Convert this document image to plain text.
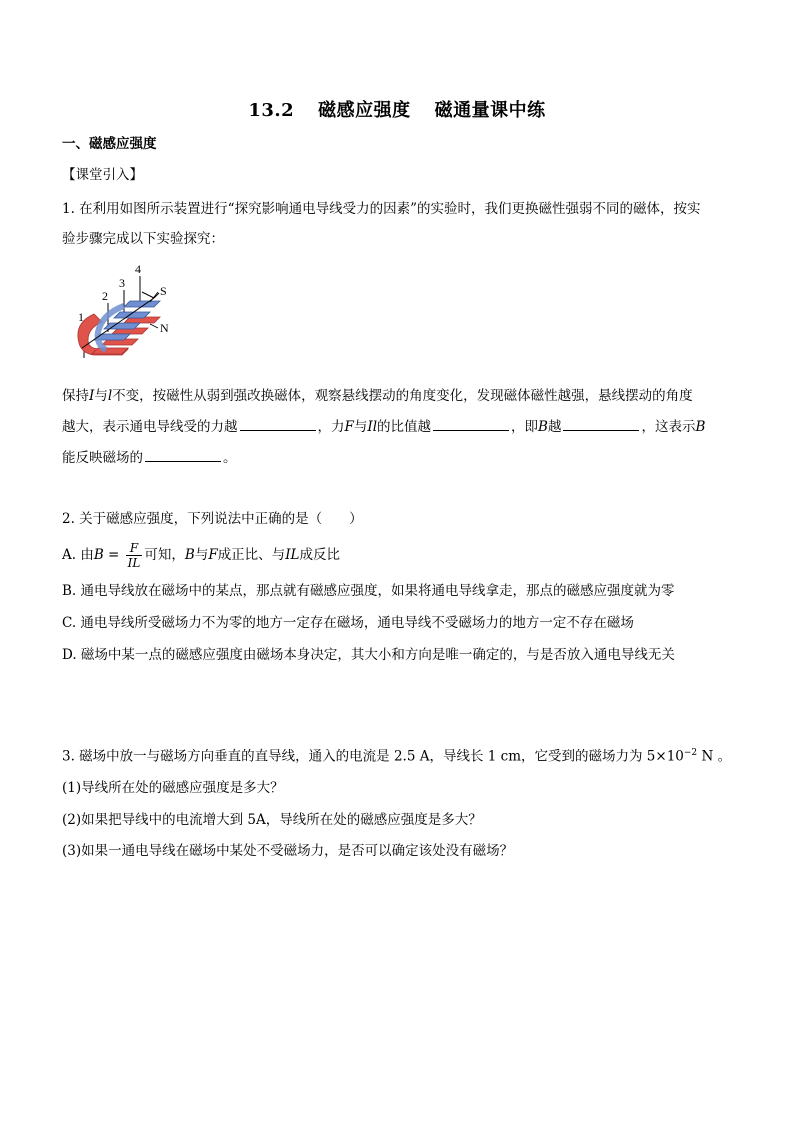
13.2 磁感应强度 磁通量课中练
一、磁感应强度
【课堂引入】
1. 在利用如图所示装置进行“探究影响通电导线受力的因素”的实验时，我们更换磁性强弱不同的磁体，按实
验步骤完成以下实验探究：
4
3
2
1
S
N
保持I与l不变，按磁性从弱到强改换磁体，观察悬线摆动的角度变化，发现磁体磁性越强，悬线摆动的角度
越大，表示通电导线受的力越	，力F与Il的比值越	，即B越	，这表示B
能反映磁场的	。
2. 关于磁感应强度，下列说法中正确的是（　　）
A. 由$B = \frac{F}{IL}$ 可知，B与F成正比、与IL成反比
B. 通电导线放在磁场中的某点，那点就有磁感应强度，如果将通电导线拿走，那点的磁感应强度就为零
C. 通电导线所受磁场力不为零的地方一定存在磁场，通电导线不受磁场力的地方一定不存在磁场
D. 磁场中某一点的磁感应强度由磁场本身决定，其大小和方向是唯一确定的，与是否放入通电导线无关
3. 磁场中放一与磁场方向垂直的直导线，通入的电流是 2.5 A，导线长 1 cm，它受到的磁场力为 $5\times 10^{-2}$ N 。
(1)导线所在处的磁感应强度是多大？
(2)如果把导线中的电流增大到 5A，导线所在处的磁感应强度是多大？
(3)如果一通电导线在磁场中某处不受磁场力，是否可以确定该处没有磁场？
